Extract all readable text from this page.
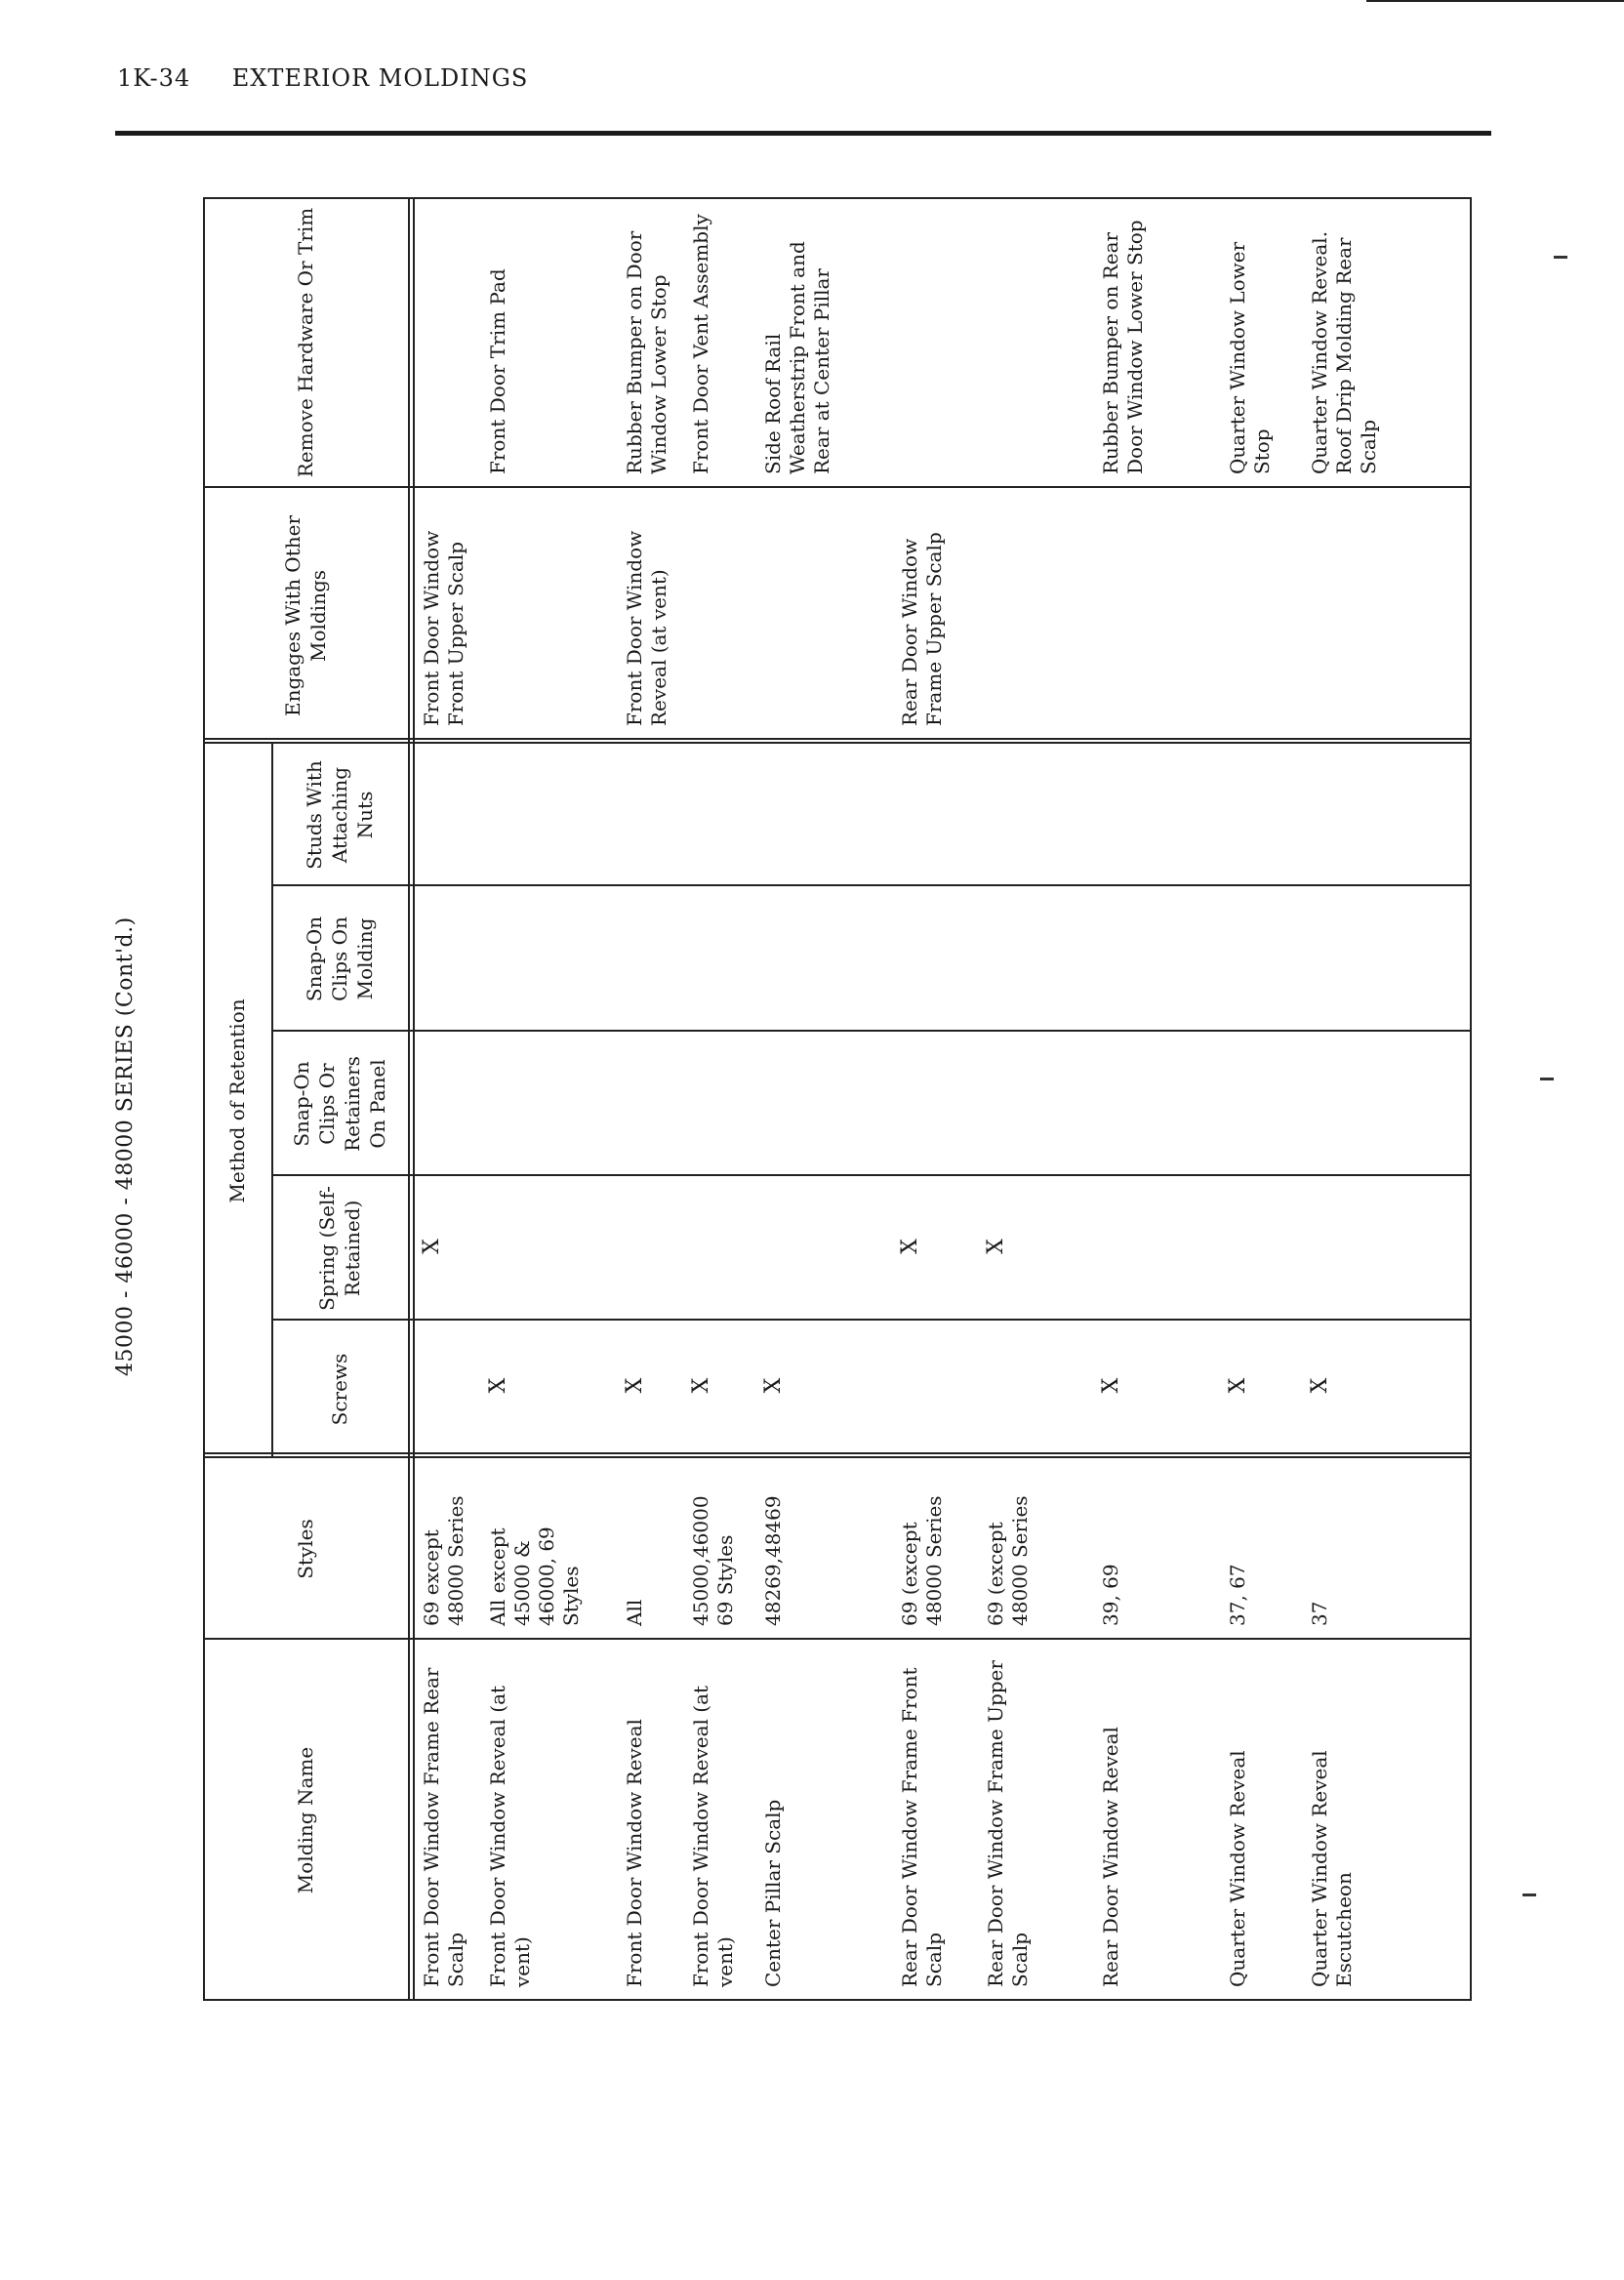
1K-34 EXTERIOR MOLDINGS
45000 - 46000 - 48000 SERIES (Cont'd.)
Molding Name
Styles
Method of Retention
Screws
Spring (Self-Retained)
Snap-On Clips Or Retainers On Panel
Snap-On Clips On Molding
Studs With Attaching Nuts
Engages With Other Moldings
Remove Hardware Or Trim
Front Door Window Frame Rear Scalp
69 except 48000 Series
X
Front Door Window Front Upper Scalp
Front Door Window Reveal (at vent)
All except 45000 & 46000, 69 Styles
X
Front Door Trim Pad
Front Door Window Reveal
All
X
Front Door Window Reveal (at vent)
Rubber Bumper on Door Window Lower Stop
Front Door Window Reveal (at vent)
45000,46000 69 Styles
X
Front Door Vent Assembly
Center Pillar Scalp
48269,48469
X
Side Roof Rail Weatherstrip Front and Rear at Center Pillar
Rear Door Window Frame Front Scalp
69 (except 48000 Series
X
Rear Door Window Frame Upper Scalp
Rear Door Window Frame Upper Scalp
69 (except 48000 Series
X
Rear Door Window Reveal
39, 69
X
Rubber Bumper on Rear Door Window Lower Stop
Quarter Window Reveal
37, 67
X
Quarter Window Lower Stop
Quarter Window Reveal Escutcheon
37
X
Quarter Window Reveal. Roof Drip Molding Rear Scalp
